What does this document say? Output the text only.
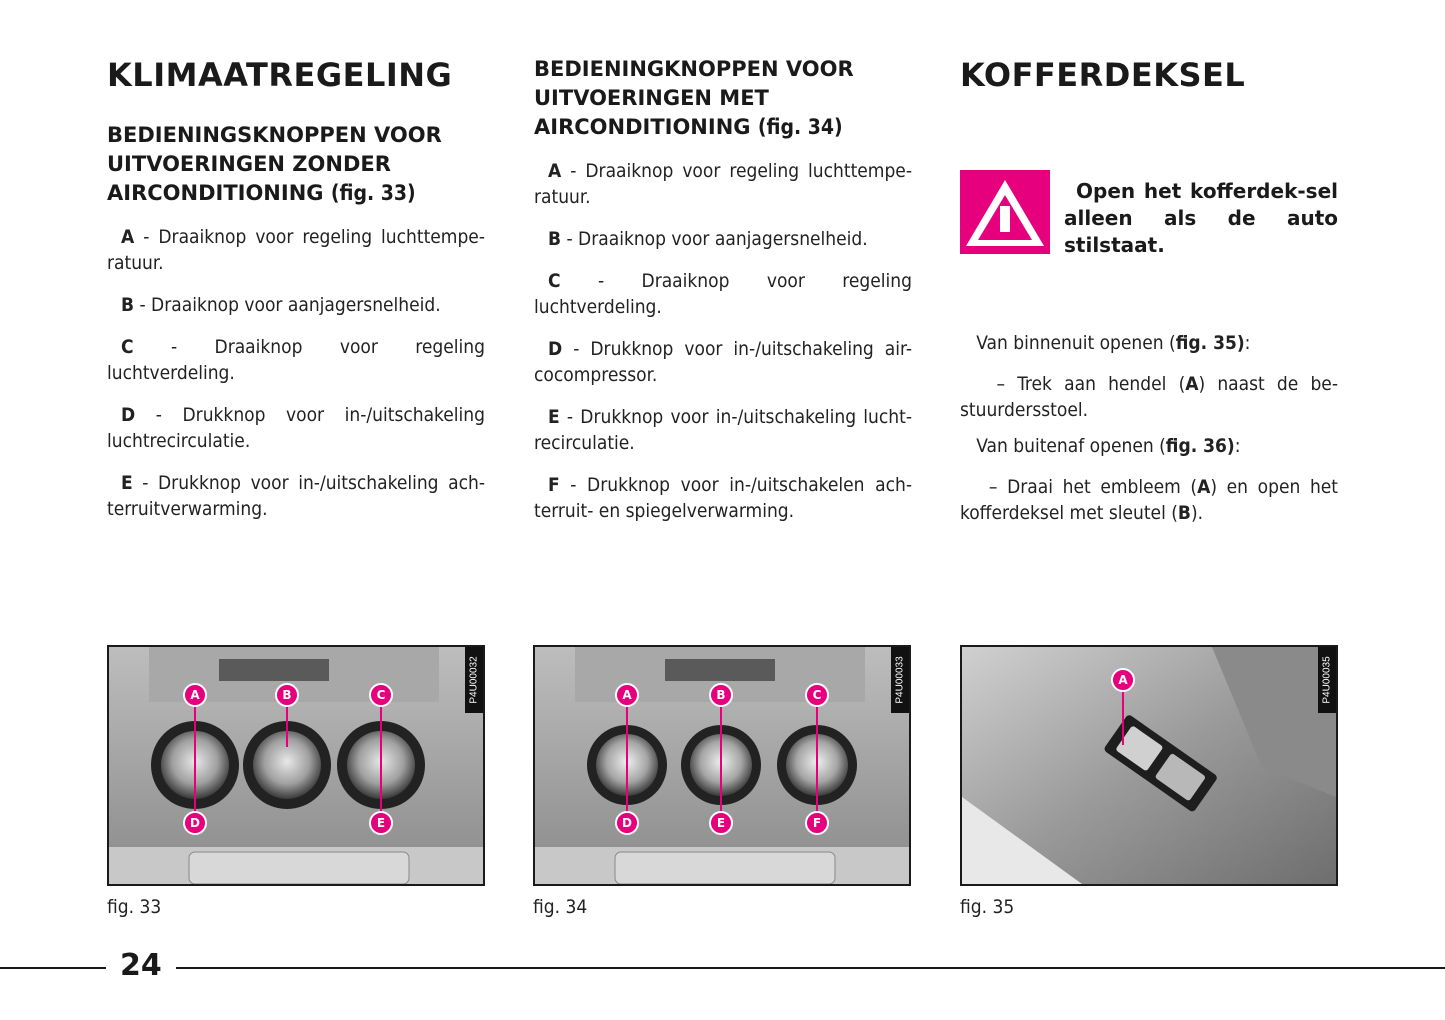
KLIMAATREGELING
BEDIENINGSKNOPPEN VOOR UITVOERINGEN ZONDER AIRCONDITIONING (fig. 33)

A - Draaiknop voor regeling luchttempe-ratuur.

B - Draaiknop voor aanjagersnelheid.

C - Draaiknop voor regeling luchtverdeling.

D - Drukknop voor in-/uitschakeling luchtrecirculatie.

E - Drukknop voor in-/uitschakeling ach-terruitverwarming.

BEDIENINGKNOPPEN VOOR UITVOERINGEN MET AIRCONDITIONING (fig. 34)

A - Draaiknop voor regeling luchttempe-ratuur.

B - Draaiknop voor aanjagersnelheid.

C - Draaiknop voor regeling luchtverdeling.

D - Drukknop voor in-/uitschakeling air-cocompressor.

E - Drukknop voor in-/uitschakeling lucht-recirculatie.

F - Drukknop voor in-/uitschakelen ach-terruit- en spiegelverwarming.

KOFFERDEKSEL

Open het kofferdek-sel alleen als de auto stilstaat.

Van binnenuit openen (fig. 35):

– Trek aan hendel (A) naast de be-stuurdersstoel.

Van buitenaf openen (fig. 36):

– Draai het embleem (A) en open het kofferdeksel met sleutel (B).

A	B	C
D	E
P4U00032	A	B	C
D	E	F
P4U00033	A	P4U00035

fig. 33	fig. 34	fig. 35

24
